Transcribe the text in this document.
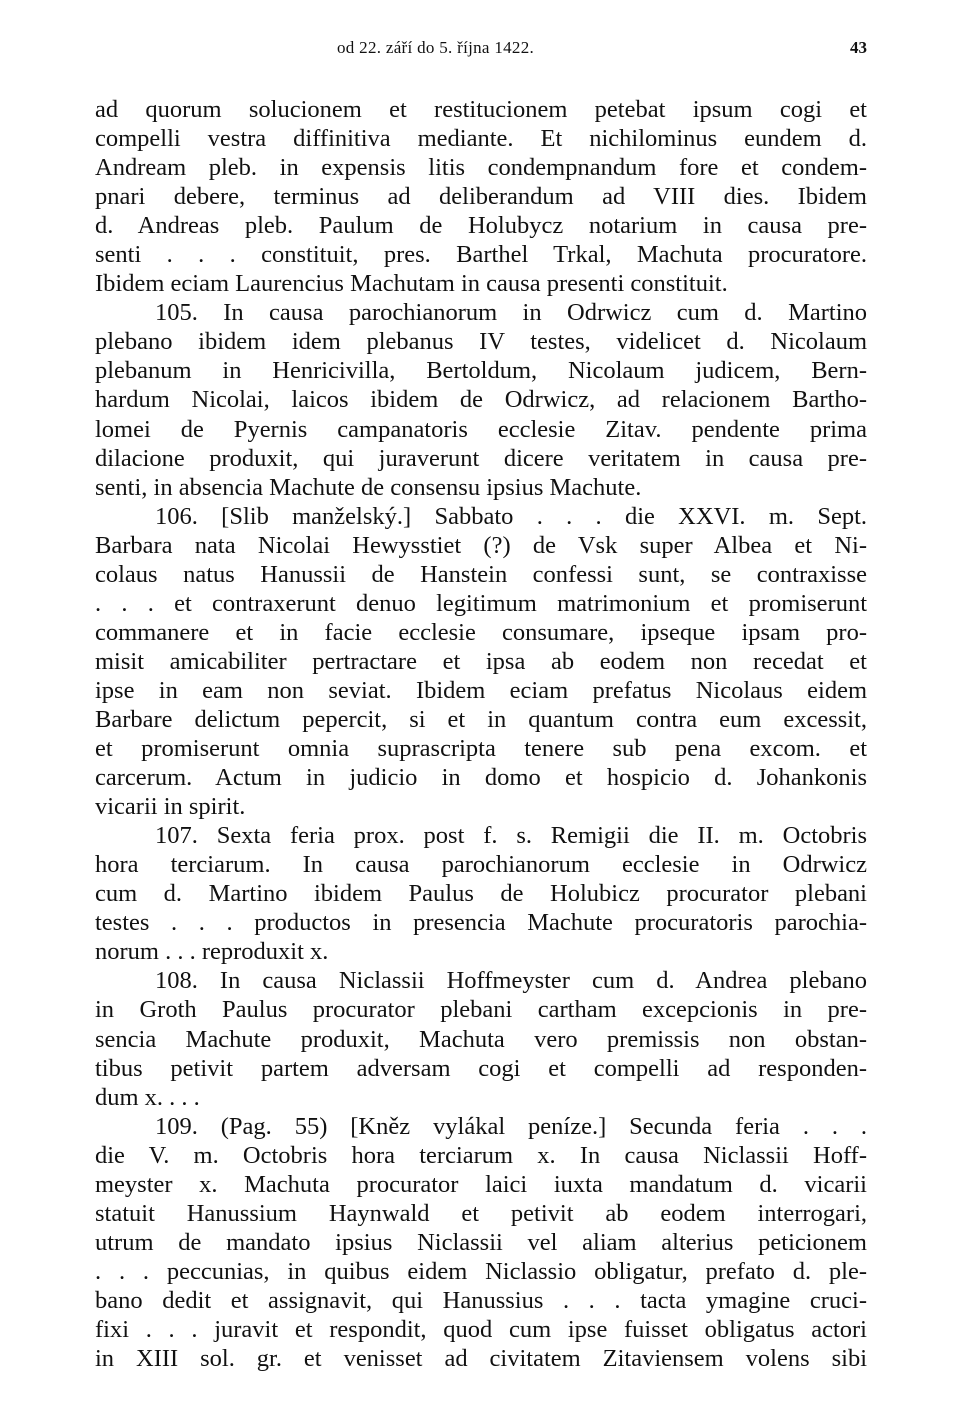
od 22. září do 5. října 1422.	43
ad quorum solucionem et restitucionem petebat ipsum cogi et
compelli vestra diffinitiva mediante. Et nichilominus eundem d.
Andream pleb. in expensis litis condempnandum fore et condem-
pnari debere, terminus ad deliberandum ad VIII dies. Ibidem
d. Andreas pleb. Paulum de Holubycz notarium in causa pre-
senti . . . constituit, pres. Barthel Trkal, Machuta procuratore.
Ibidem eciam Laurencius Machutam in causa presenti constituit.
105. In causa parochianorum in Odrwicz cum d. Martino
plebano ibidem idem plebanus IV testes, videlicet d. Nicolaum
plebanum in Henricivilla, Bertoldum, Nicolaum judicem, Bern-
hardum Nicolai, laicos ibidem de Odrwicz, ad relacionem Bartho-
lomei de Pyernis campanatoris ecclesie Zitav. pendente prima
dilacione produxit, qui juraverunt dicere veritatem in causa pre-
senti, in absencia Machute de consensu ipsius Machute.
106. [Slib manželský.] Sabbato . . . die XXVI. m. Sept.
Barbara nata Nicolai Hewysstiet (?) de Vsk super Albea et Ni-
colaus natus Hanussii de Hanstein confessi sunt, se contraxisse
. . . et contraxerunt denuo legitimum matrimonium et promiserunt
commanere et in facie ecclesie consumare, ipseque ipsam pro-
misit amicabiliter pertractare et ipsa ab eodem non recedat et
ipse in eam non seviat. Ibidem eciam prefatus Nicolaus eidem
Barbare delictum pepercit, si et in quantum contra eum excessit,
et promiserunt omnia suprascripta tenere sub pena excom. et
carcerum. Actum in judicio in domo et hospicio d. Johankonis
vicarii in spirit.
107. Sexta feria prox. post f. s. Remigii die II. m. Octobris
hora terciarum. In causa parochianorum ecclesie in Odrwicz
cum d. Martino ibidem Paulus de Holubicz procurator plebani
testes . . . productos in presencia Machute procuratoris parochia-
norum . . . reproduxit x.
108. In causa Niclassii Hoffmeyster cum d. Andrea plebano
in Groth Paulus procurator plebani cartham excepcionis in pre-
sencia Machute produxit, Machuta vero premissis non obstan-
tibus petivit partem adversam cogi et compelli ad responden-
dum x. . . .
109. (Pag. 55) [Kněz vylákal peníze.] Secunda feria . . .
die V. m. Octobris hora terciarum x. In causa Niclassii Hoff-
meyster x. Machuta procurator laici iuxta mandatum d. vicarii
statuit Hanussium Haynwald et petivit ab eodem interrogari,
utrum de mandato ipsius Niclassii vel aliam alterius peticionem
. . . peccunias, in quibus eidem Niclassio obligatur, prefato d. ple-
bano dedit et assignavit, qui Hanussius . . . tacta ymagine cruci-
fixi . . . juravit et respondit, quod cum ipse fuisset obligatus actori
in XIII sol. gr. et venisset ad civitatem Zitaviensem volens sibi
